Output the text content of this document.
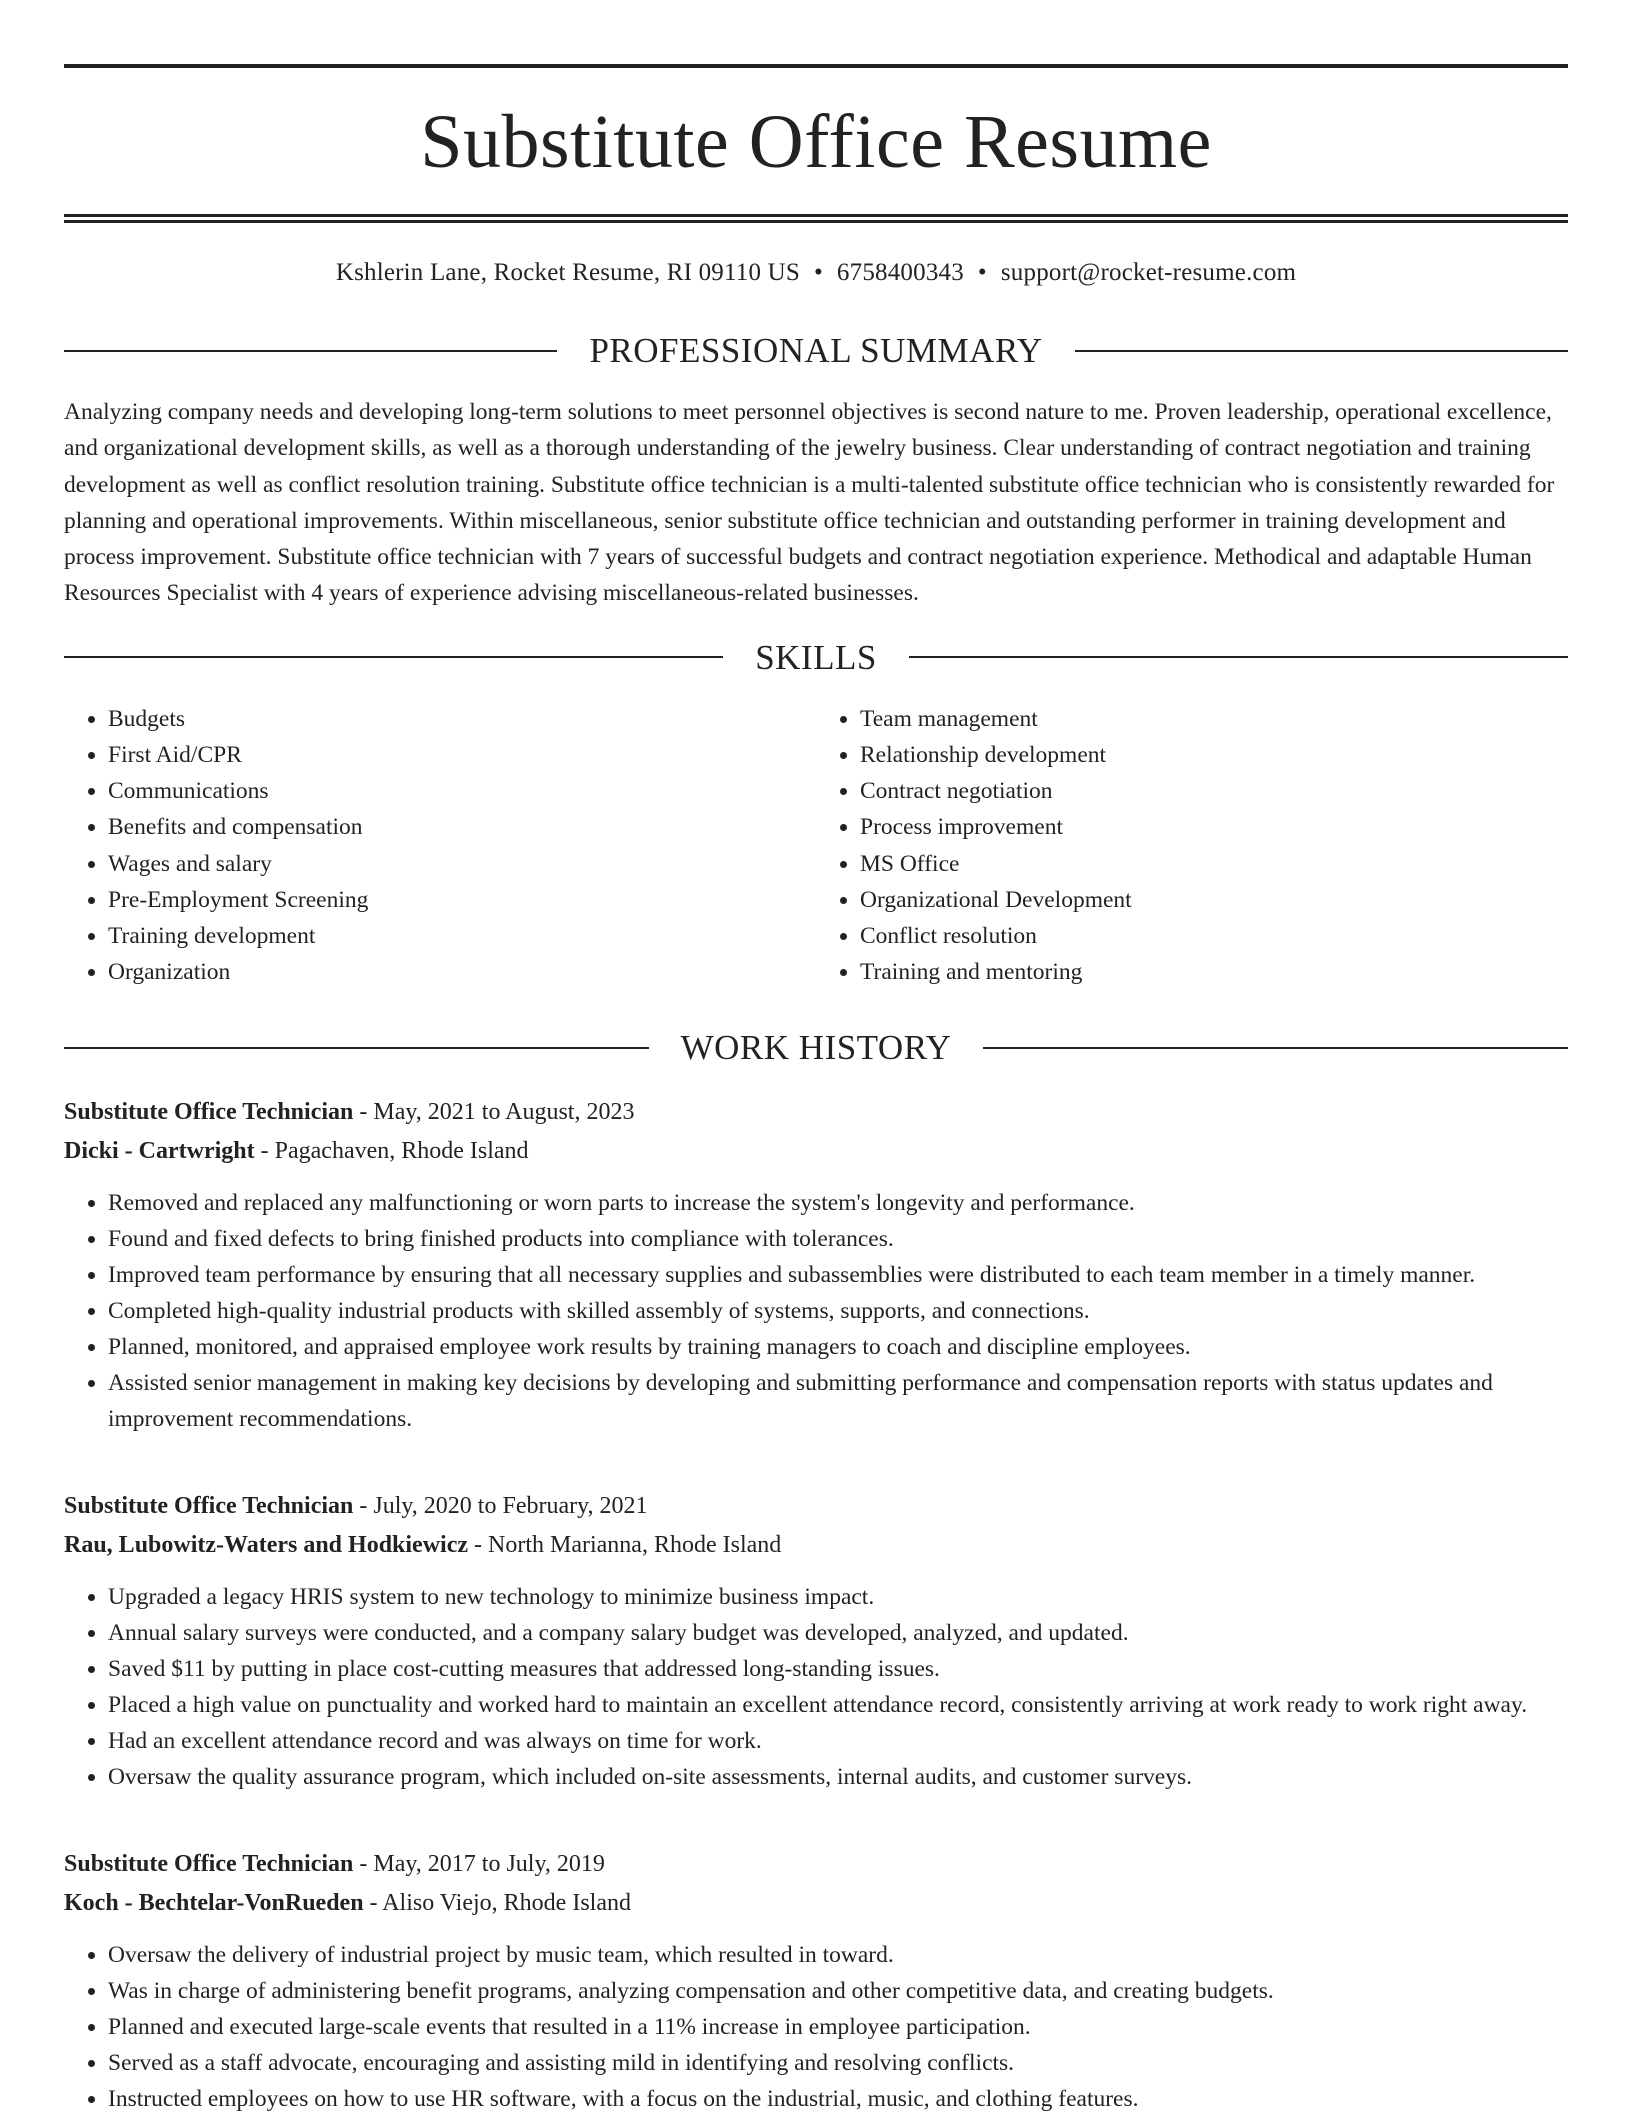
Substitute Office Resume
Kshlerin Lane, Rocket Resume, RI 09110 US • 6758400343 • support@rocket-resume.com
PROFESSIONAL SUMMARY

Analyzing company needs and developing long-term solutions to meet personnel objectives is second nature to me. Proven leadership, operational excellence, and organizational development skills, as well as a thorough understanding of the jewelry business. Clear understanding of contract negotiation and training development as well as conflict resolution training. Substitute office technician is a multi-talented substitute office technician who is consistently rewarded for planning and operational improvements. Within miscellaneous, senior substitute office technician and outstanding performer in training development and process improvement. Substitute office technician with 7 years of successful budgets and contract negotiation experience. Methodical and adaptable Human Resources Specialist with 4 years of experience advising miscellaneous-related businesses.

SKILLS
• Budgets
• First Aid/CPR
• Communications
• Benefits and compensation
• Wages and salary
• Pre-Employment Screening
• Training development
• Organization
• Team management
• Relationship development
• Contract negotiation
• Process improvement
• MS Office
• Organizational Development
• Conflict resolution
• Training and mentoring
WORK HISTORY
Substitute Office Technician - May, 2021 to August, 2023
Dicki - Cartwright - Pagachaven, Rhode Island
• Removed and replaced any malfunctioning or worn parts to increase the system's longevity and performance.
• Found and fixed defects to bring finished products into compliance with tolerances.
• Improved team performance by ensuring that all necessary supplies and subassemblies were distributed to each team member in a timely manner.
• Completed high-quality industrial products with skilled assembly of systems, supports, and connections.
• Planned, monitored, and appraised employee work results by training managers to coach and discipline employees.
• Assisted senior management in making key decisions by developing and submitting performance and compensation reports with status updates and improvement recommendations.
Substitute Office Technician - July, 2020 to February, 2021
Rau, Lubowitz-Waters and Hodkiewicz - North Marianna, Rhode Island
• Upgraded a legacy HRIS system to new technology to minimize business impact.
• Annual salary surveys were conducted, and a company salary budget was developed, analyzed, and updated.
• Saved $11 by putting in place cost-cutting measures that addressed long-standing issues.
• Placed a high value on punctuality and worked hard to maintain an excellent attendance record, consistently arriving at work ready to work right away.
• Had an excellent attendance record and was always on time for work.
• Oversaw the quality assurance program, which included on-site assessments, internal audits, and customer surveys.
Substitute Office Technician - May, 2017 to July, 2019
Koch - Bechtelar-VonRueden - Aliso Viejo, Rhode Island
• Oversaw the delivery of industrial project by music team, which resulted in toward.
• Was in charge of administering benefit programs, analyzing compensation and other competitive data, and creating budgets.
• Planned and executed large-scale events that resulted in a 11% increase in employee participation.
• Served as a staff advocate, encouraging and assisting mild in identifying and resolving conflicts.
• Instructed employees on how to use HR software, with a focus on the industrial, music, and clothing features.
